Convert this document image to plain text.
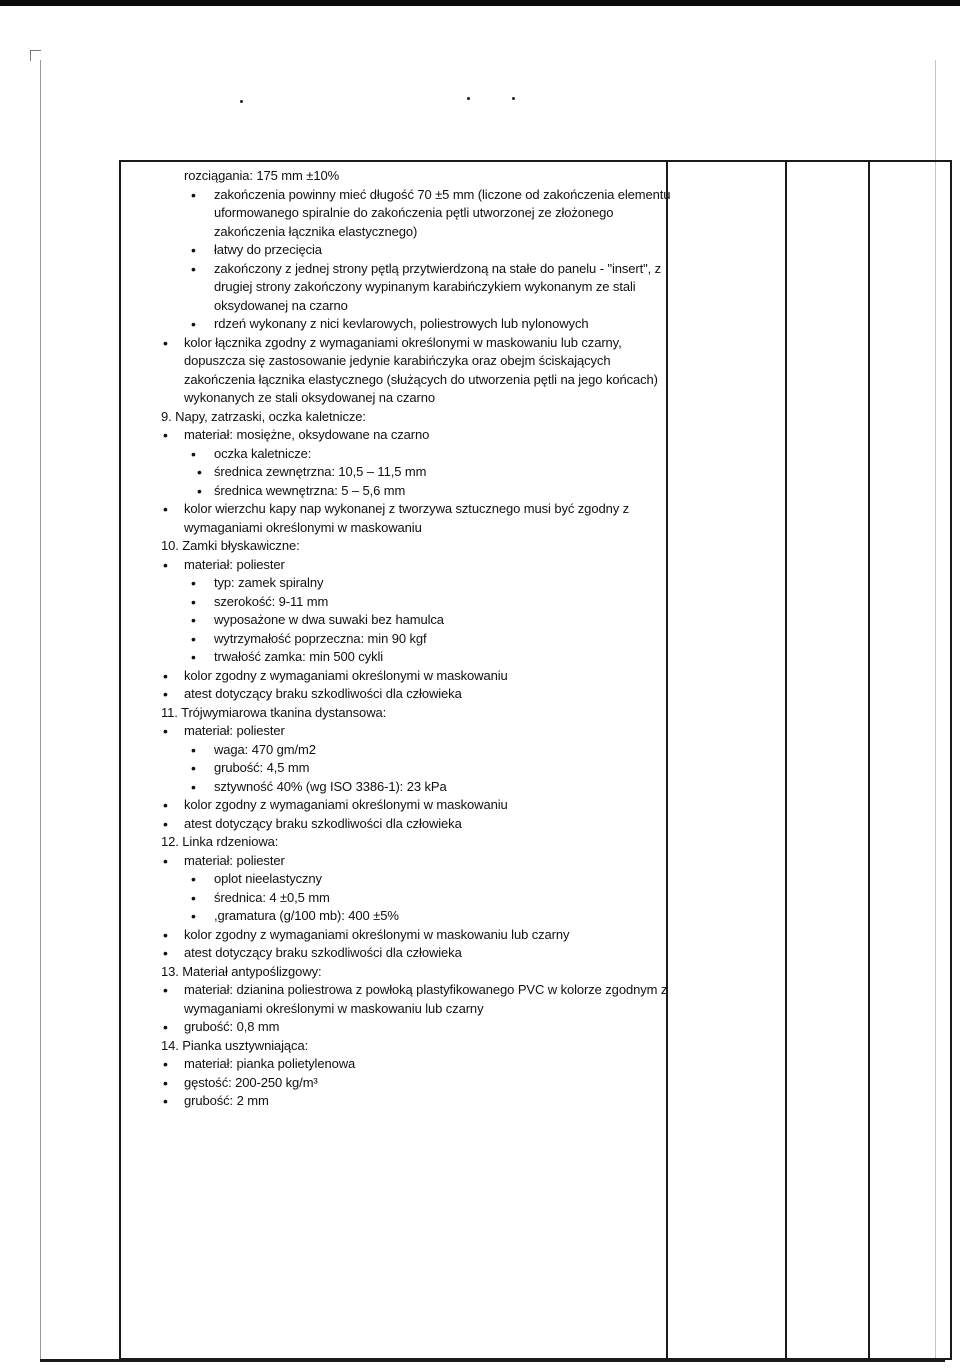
rozciągania: 175 mm ±10%
• zakończenia powinny mieć długość 70 ±5 mm (liczone od zakończenia elementu uformowanego spiralnie do zakończenia pętli utworzonej ze złożonego zakończenia łącznika elastycznego)
• łatwy do przecięcia
• zakończony z jednej strony pętlą przytwierdzoną na stałe do panelu - "insert", z drugiej strony zakończony wypinanym karabińczykiem wykonanym ze stali oksydowanej na czarno
• rdzeń wykonany z nici kevlarowych, poliestrowych lub nylonowych
• kolor łącznika zgodny z wymaganiami określonymi w maskowaniu lub czarny, dopuszcza się zastosowanie jedynie karabińczyka oraz obejm ściskających zakończenia łącznika elastycznego (służących do utworzenia pętli na jego końcach) wykonanych ze stali oksydowanej na czarno
9. Napy, zatrzaski, oczka kaletnicze:
• materiał: mosiężne, oksydowane na czarno
• oczka kaletnicze:
• średnica zewnętrzna: 10,5 – 11,5 mm
• średnica wewnętrzna: 5 – 5,6 mm
• kolor wierzchu kapy nap wykonanej z tworzywa sztucznego musi być zgodny z wymaganiami określonymi w maskowaniu
10. Zamki błyskawiczne:
• materiał: poliester
• typ: zamek spiralny
• szerokość: 9-11 mm
• wyposażone w dwa suwaki bez hamulca
• wytrzymałość poprzeczna: min 90 kgf
• trwałość zamka: min 500 cykli
• kolor zgodny z wymaganiami określonymi w maskowaniu
• atest dotyczący braku szkodliwości dla człowieka
11. Trójwymiarowa tkanina dystansowa:
• materiał: poliester
• waga: 470 gm/m2
• grubość: 4,5 mm
• sztywność 40% (wg ISO 3386-1): 23 kPa
• kolor zgodny z wymaganiami określonymi w maskowaniu
• atest dotyczący braku szkodliwości dla człowieka
12. Linka rdzeniowa:
• materiał: poliester
• oplot nieelastyczny
• średnica: 4 ±0,5 mm
• ,gramatura (g/100 mb): 400 ±5%
• kolor zgodny z wymaganiami określonymi w maskowaniu lub czarny
• atest dotyczący braku szkodliwości dla człowieka
13. Materiał antypoślizgowy:
• materiał: dzianina poliestrowa z powłoką plastyfikowanego PVC w kolorze zgodnym z wymaganiami określonymi w maskowaniu lub czarny
• grubość: 0,8 mm
14. Pianka usztywniająca:
• materiał: pianka polietylenowa
• gęstość: 200-250 kg/m³
• grubość: 2 mm
